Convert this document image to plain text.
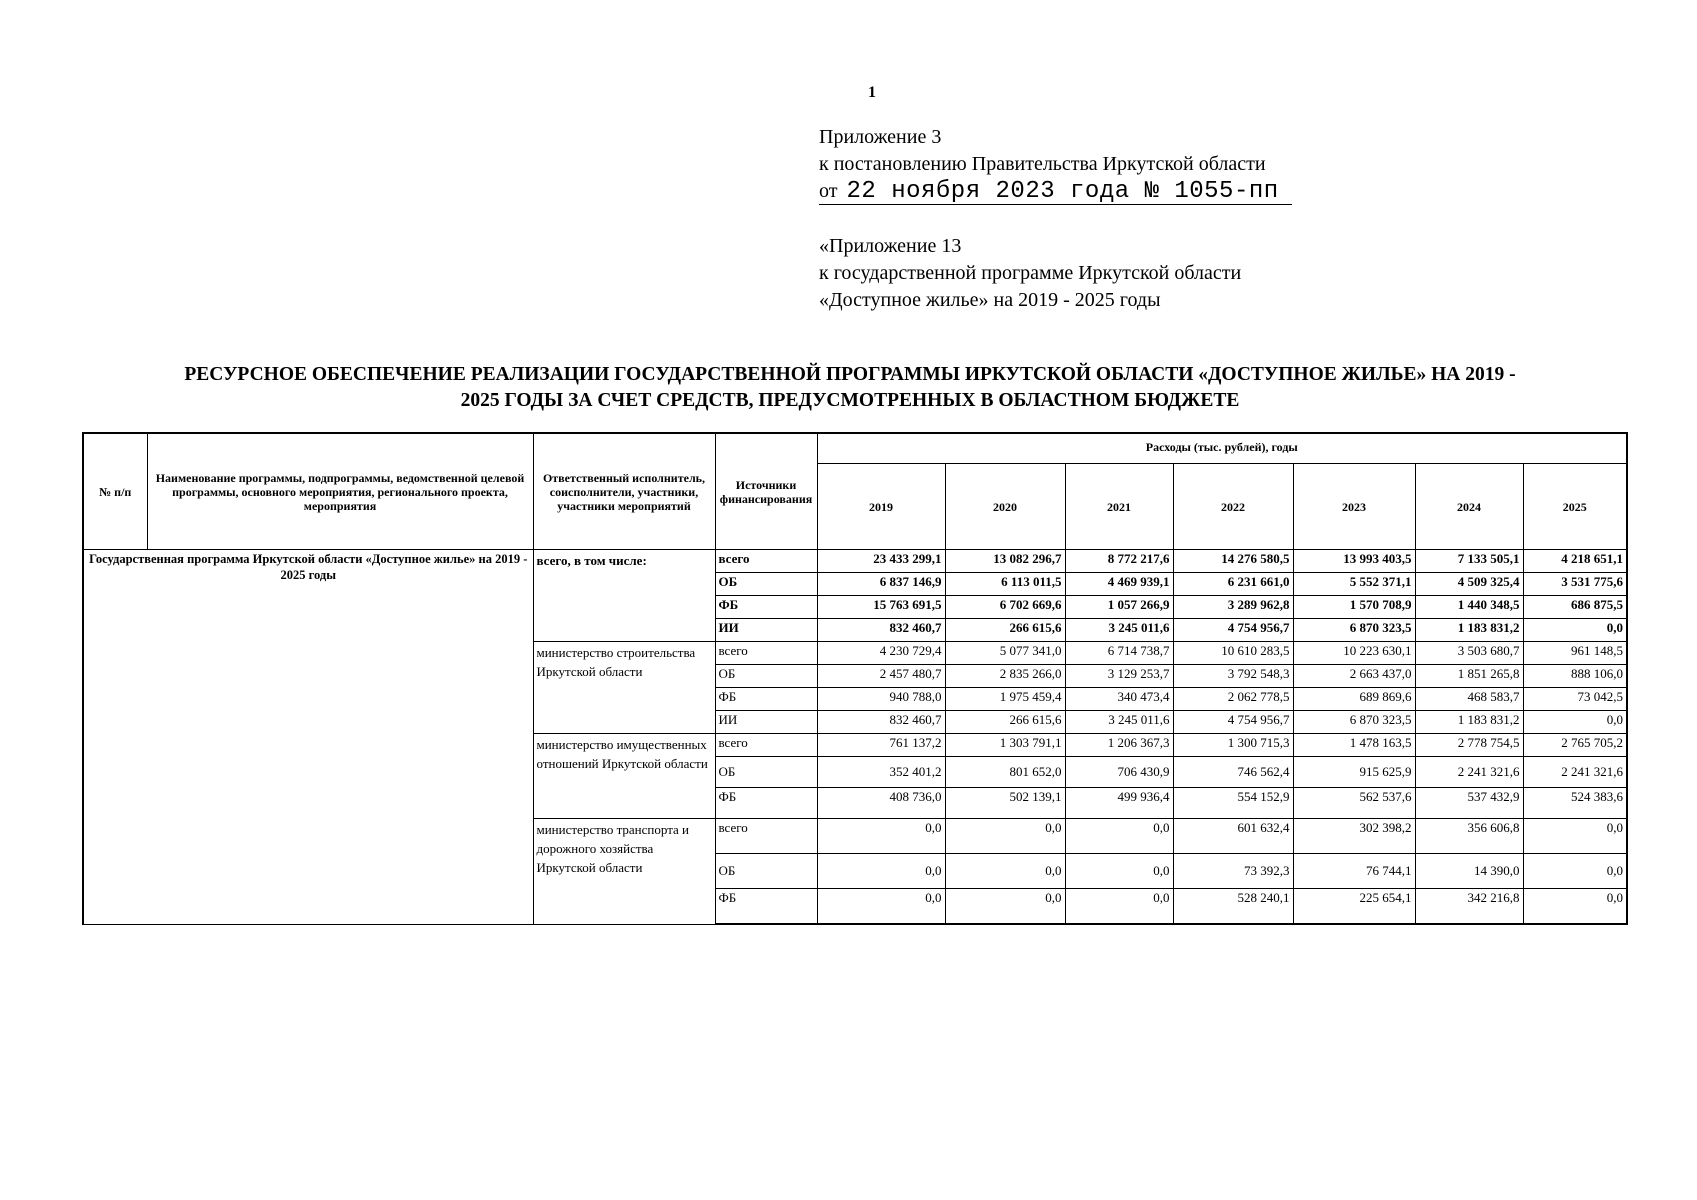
1
Приложение 3
к постановлению Правительства Иркутской области
от 22 ноября 2023 года № 1055-пп
«Приложение 13
к государственной программе Иркутской области
«Доступное жилье» на 2019 - 2025 годы
РЕСУРСНОЕ ОБЕСПЕЧЕНИЕ РЕАЛИЗАЦИИ ГОСУДАРСТВЕННОЙ ПРОГРАММЫ ИРКУТСКОЙ ОБЛАСТИ «ДОСТУПНОЕ ЖИЛЬЕ» НА 2019 -
2025 ГОДЫ ЗА СЧЕТ СРЕДСТВ, ПРЕДУСМОТРЕННЫХ В ОБЛАСТНОМ БЮДЖЕТЕ
№ п/п	Наименование программы, подпрограммы, ведомственной целевой программы, основного мероприятия, регионального проекта, мероприятия	Ответственный исполнитель, соисполнители, участники, участники мероприятий	Источники финансирования	Расходы (тыс. рублей), годы						
				2019	2020	2021	2022	2023	2024	2025
Государственная программа Иркутской области «Доступное жилье» на 2019 - 2025 годы		всего, в том числе:	всего	23 433 299,1	13 082 296,7	8 772 217,6	14 276 580,5	13 993 403,5	7 133 505,1	4 218 651,1
			ОБ	6 837 146,9	6 113 011,5	4 469 939,1	6 231 661,0	5 552 371,1	4 509 325,4	3 531 775,6
			ФБ	15 763 691,5	6 702 669,6	1 057 266,9	3 289 962,8	1 570 708,9	1 440 348,5	686 875,5
			ИИ	832 460,7	266 615,6	3 245 011,6	4 754 956,7	6 870 323,5	1 183 831,2	0,0
		министерство строительства Иркутской области	всего	4 230 729,4	5 077 341,0	6 714 738,7	10 610 283,5	10 223 630,1	3 503 680,7	961 148,5
			ОБ	2 457 480,7	2 835 266,0	3 129 253,7	3 792 548,3	2 663 437,0	1 851 265,8	888 106,0
			ФБ	940 788,0	1 975 459,4	340 473,4	2 062 778,5	689 869,6	468 583,7	73 042,5
			ИИ	832 460,7	266 615,6	3 245 011,6	4 754 956,7	6 870 323,5	1 183 831,2	0,0
		министерство имущественных отношений Иркутской области	всего	761 137,2	1 303 791,1	1 206 367,3	1 300 715,3	1 478 163,5	2 778 754,5	2 765 705,2
			ОБ	352 401,2	801 652,0	706 430,9	746 562,4	915 625,9	2 241 321,6	2 241 321,6
			ФБ	408 736,0	502 139,1	499 936,4	554 152,9	562 537,6	537 432,9	524 383,6
		министерство транспорта и дорожного хозяйства Иркутской области	всего	0,0	0,0	0,0	601 632,4	302 398,2	356 606,8	0,0
			ОБ	0,0	0,0	0,0	73 392,3	76 744,1	14 390,0	0,0
			ФБ	0,0	0,0	0,0	528 240,1	225 654,1	342 216,8	0,0
